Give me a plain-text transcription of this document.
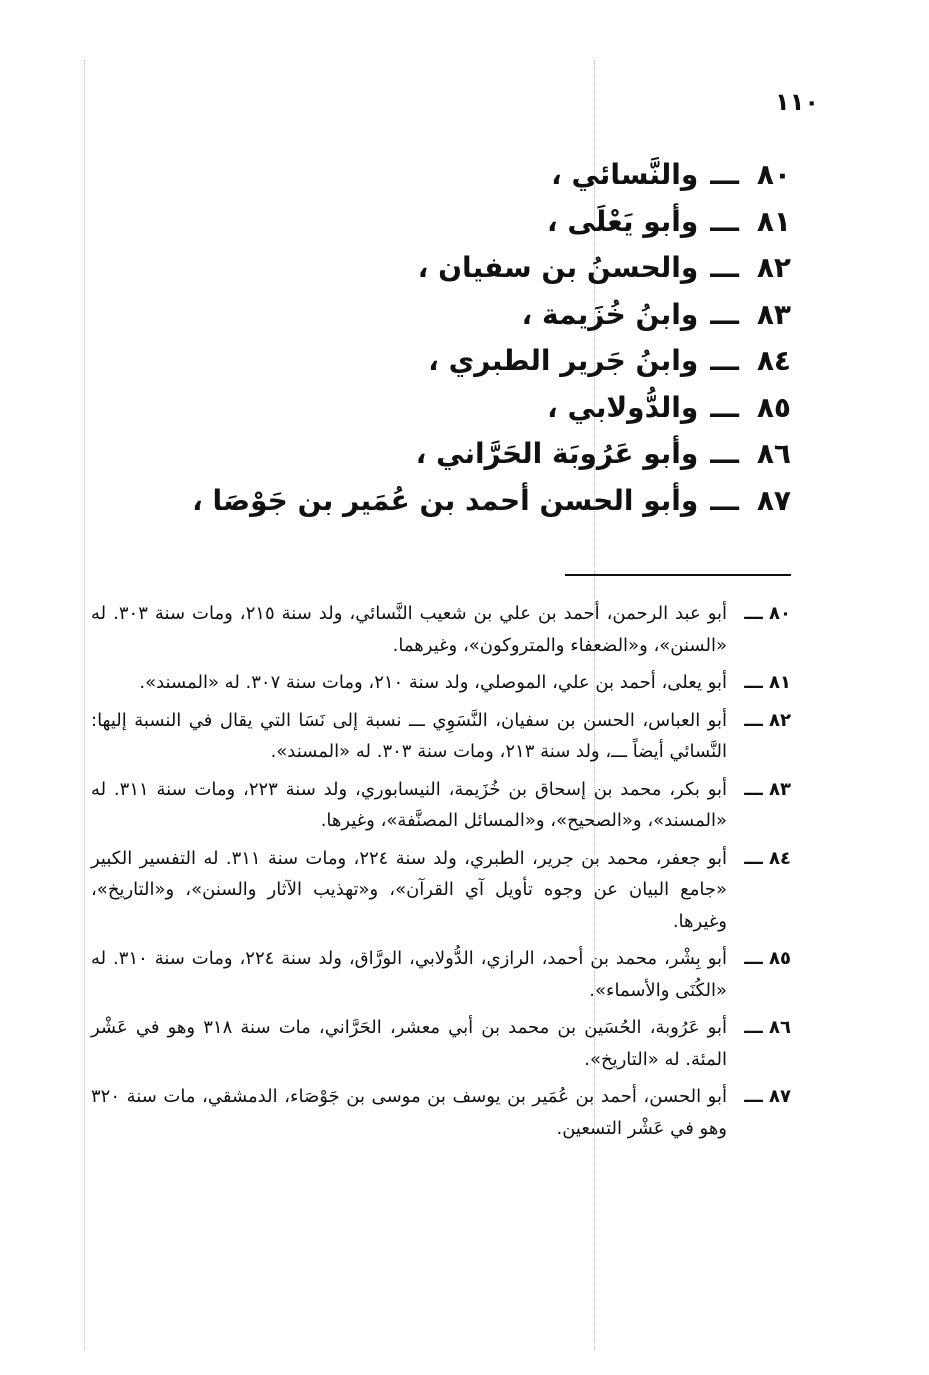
١١٠
٨٠ـــوالنَّسائي ،
٨١ـــوأبو يَعْلَى ،
٨٢ـــوالحسنُ بن سفيان ،
٨٣ـــوابنُ خُزَيمة ،
٨٤ـــوابنُ جَرير الطبري ،
٨٥ـــوالدُّولابي ،
٨٦ـــوأبو عَرُوبَة الحَرَّاني ،
٨٧ـــوأبو الحسن أحمد بن عُمَير بن جَوْصَا ،
٨٠ ـــ
أبو عبد الرحمن، أحمد بن علي بن شعيب النَّسائي، ولد سنة ٢١٥، ومات سنة ٣٠٣. له «السنن»، و«الضعفاء والمتروكون»، وغيرهما.
٨١ ـــ
أبو يعلى، أحمد بن علي، الموصلي، ولد سنة ٢١٠، ومات سنة ٣٠٧. له «المسند».
٨٢ ـــ
أبو العباس، الحسن بن سفيان، النَّسَوِي ـــ نسبة إلى نَسَا التي يقال في النسبة إليها: النَّسائي أيضاً ـــ، ولد سنة ٢١٣، ومات سنة ٣٠٣. له «المسند».
٨٣ ـــ
أبو بكر، محمد بن إسحاق بن خُزَيمة، النيسابوري، ولد سنة ٢٢٣، ومات سنة ٣١١. له «المسند»، و«الصحيح»، و«المسائل المصنَّفة»، وغيرها.
٨٤ ـــ
أبو جعفر، محمد بن جرير، الطبري، ولد سنة ٢٢٤، ومات سنة ٣١١. له التفسير الكبير «جامع البيان عن وجوه تأويل آي القرآن»، و«تهذيب الآثار والسنن»، و«التاريخ»، وغيرها.
٨٥ ـــ
أبو بِشْر، محمد بن أحمد، الرازي، الدُّولابي، الورَّاق، ولد سنة ٢٢٤، ومات سنة ٣١٠. له «الكُنَى والأسماء».
٨٦ ـــ
أبو عَرُوبة، الحُسَين بن محمد بن أبي معشر، الحَرَّاني، مات سنة ٣١٨ وهو في عَشْر المئة. له «التاريخ».
٨٧ ـــ
أبو الحسن، أحمد بن عُمَير بن يوسف بن موسى بن جَوْصَاء، الدمشقي، مات سنة ٣٢٠ وهو في عَشْر التسعين.
